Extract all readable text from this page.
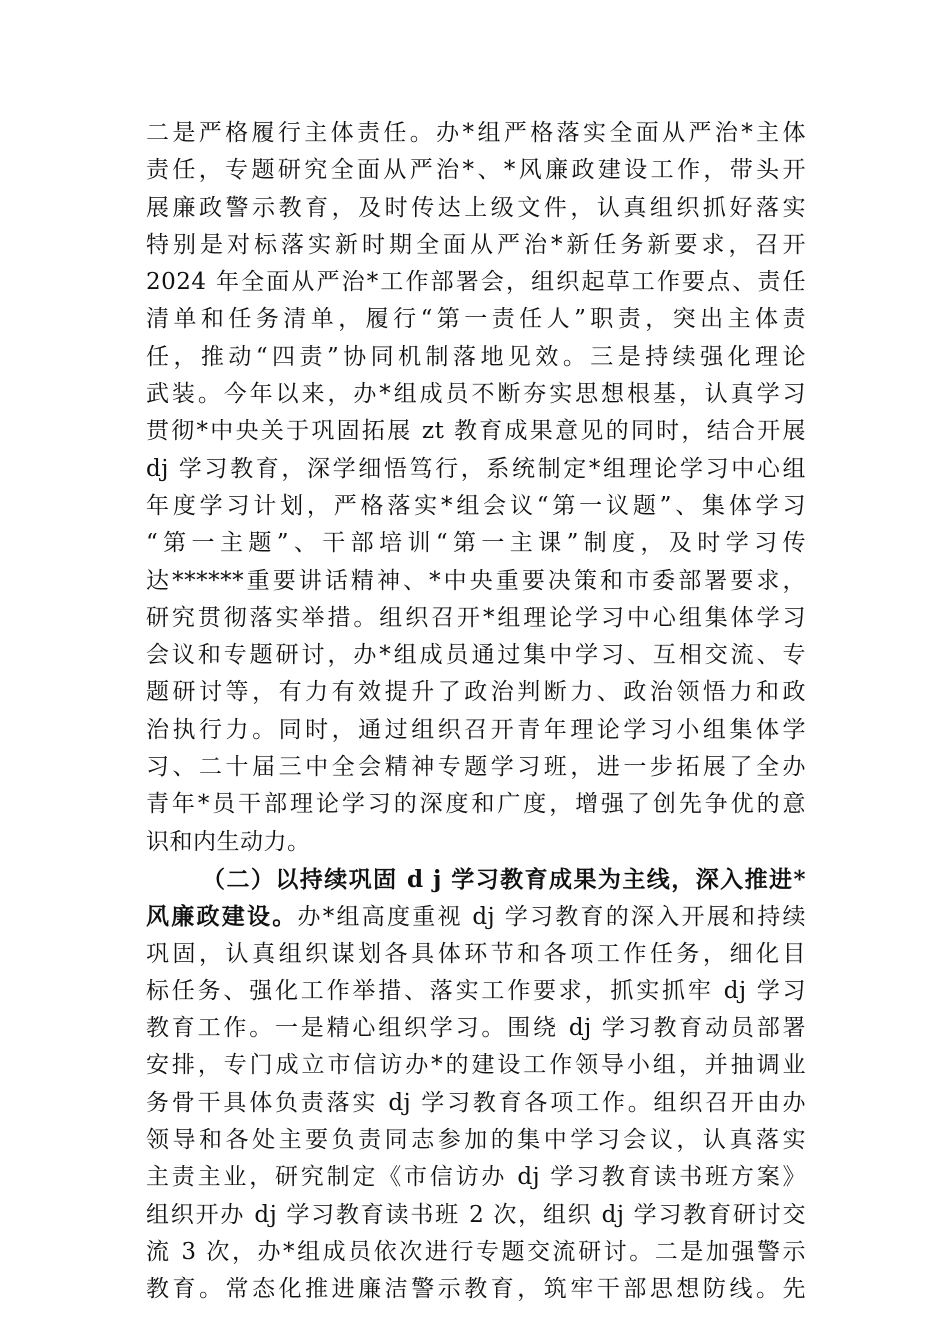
二是严格履行主体责任。办*组严格落实全面从严治*主体
责任，专题研究全面从严治*、*风廉政建设工作，带头开
展廉政警示教育，及时传达上级文件，认真组织抓好落实
特别是对标落实新时期全面从严治*新任务新要求，召开
2024 年全面从严治*工作部署会，组织起草工作要点、责任
清单和任务清单，履行“第一责任人”职责，突出主体责
任，推动“四责”协同机制落地见效。三是持续强化理论
武装。今年以来，办*组成员不断夯实思想根基，认真学习
贯彻*中央关于巩固拓展 zt 教育成果意见的同时，结合开展
dj 学习教育，深学细悟笃行，系统制定*组理论学习中心组
年度学习计划，严格落实*组会议“第一议题”、集体学习
“第一主题”、干部培训“第一主课”制度，及时学习传
达******重要讲话精神、*中央重要决策和市委部署要求，
研究贯彻落实举措。组织召开*组理论学习中心组集体学习
会议和专题研讨，办*组成员通过集中学习、互相交流、专
题研讨等，有力有效提升了政治判断力、政治领悟力和政
治执行力。同时，通过组织召开青年理论学习小组集体学
习、二十届三中全会精神专题学习班，进一步拓展了全办
青年*员干部理论学习的深度和广度，增强了创先争优的意
识和内生动力。
（二）以持续巩固 d j 学习教育成果为主线，深入推进*
风廉政建设。办*组高度重视 dj 学习教育的深入开展和持续
巩固，认真组织谋划各具体环节和各项工作任务，细化目
标任务、强化工作举措、落实工作要求，抓实抓牢 dj 学习
教育工作。一是精心组织学习。围绕 dj 学习教育动员部署
安排，专门成立市信访办*的建设工作领导小组，并抽调业
务骨干具体负责落实 dj 学习教育各项工作。组织召开由办
领导和各处主要负责同志参加的集中学习会议，认真落实
主责主业，研究制定《市信访办 dj 学习教育读书班方案》
组织开办 dj 学习教育读书班 2 次，组织 dj 学习教育研讨交
流 3 次，办*组成员依次进行专题交流研讨。二是加强警示
教育。常态化推进廉洁警示教育，筑牢干部思想防线。先
